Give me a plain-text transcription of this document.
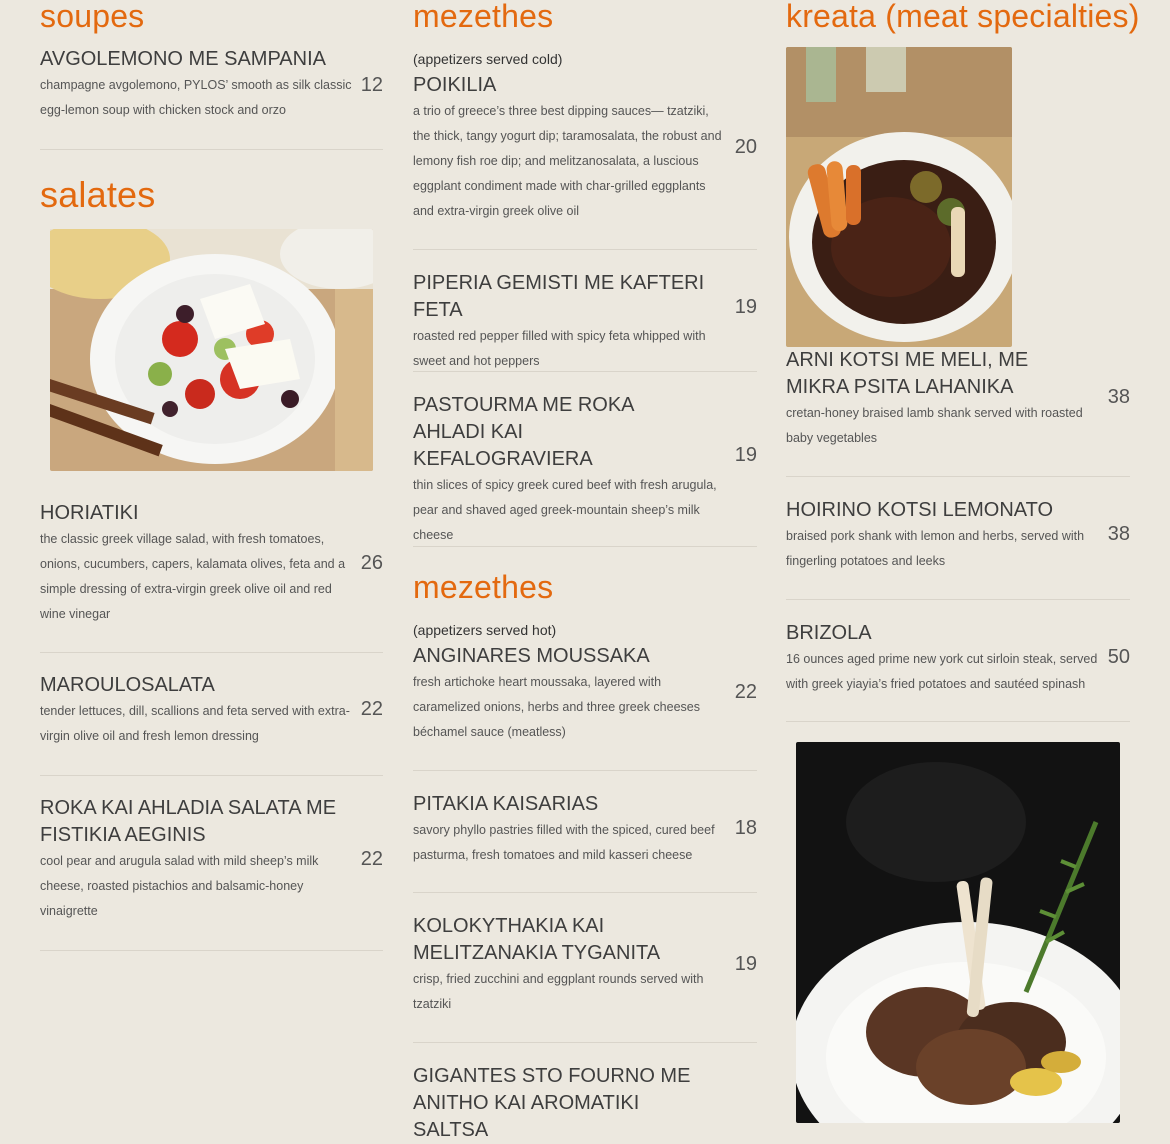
soupes

AVGOLEMONO ME SAMPANIA

champagne avgolemono, PYLOS’ smooth as silk classic egg-lemon soup with chicken stock and orzo

12
salates

HORIATIKI

the classic greek village salad, with fresh tomatoes, onions, cucumbers, capers, kalamata olives, feta and a simple dressing of extra-virgin greek olive oil and red wine vinegar

26

MAROULOSALATA

tender lettuces, dill, scallions and feta served with extra-virgin olive oil and fresh lemon dressing

22

ROKA KAI AHLADIA SALATA ME FISTIKIA AEGINIS

cool pear and arugula salad with mild sheep’s milk cheese, roasted pistachios and balsamic-honey vinaigrette

22
mezethes

(appetizers served cold)

POIKILIA

a trio of greece’s three best dipping sauces— tzatziki, the thick, tangy yogurt dip; taramosalata, the robust and lemony fish roe dip; and melitzanosalata, a luscious eggplant condiment made with char-grilled eggplants and extra-virgin greek olive oil

20

PIPERIA GEMISTI ME KAFTERI FETA

roasted red pepper filled with spicy feta whipped with sweet and hot peppers

19

PASTOURMA ME ROKA AHLADI KAI KEFALOGRAVIERA

thin slices of spicy greek cured beef with fresh arugula, pear and shaved aged greek-mountain sheep’s milk cheese

19
mezethes

(appetizers served hot)

ANGINARES MOUSSAKA

fresh artichoke heart moussaka, layered with caramelized onions, herbs and three greek cheeses béchamel sauce (meatless)

22

PITAKIA KAISARIAS

savory phyllo pastries filled with the spiced, cured beef pasturma, fresh tomatoes and mild kasseri cheese

18

KOLOKYTHAKIA KAI MELITZANAKIA TYGANITA

crisp, fried zucchini and eggplant rounds served with tzatziki

19

GIGANTES STO FOURNO ME ANITHO KAI AROMATIKI SALTSA

kreata (meat specialties)

ARNI KOTSI ME MELI, ME MIKRA PSITA LAHANIKA

cretan-honey braised lamb shank served with roasted baby vegetables

38

HOIRINO KOTSI LEMONATO

braised pork shank with lemon and herbs, served with fingerling potatoes and leeks

38

BRIZOLA

16 ounces aged prime new york cut sirloin steak, served with greek yiayia’s fried potatoes and sautéed spinash

50
